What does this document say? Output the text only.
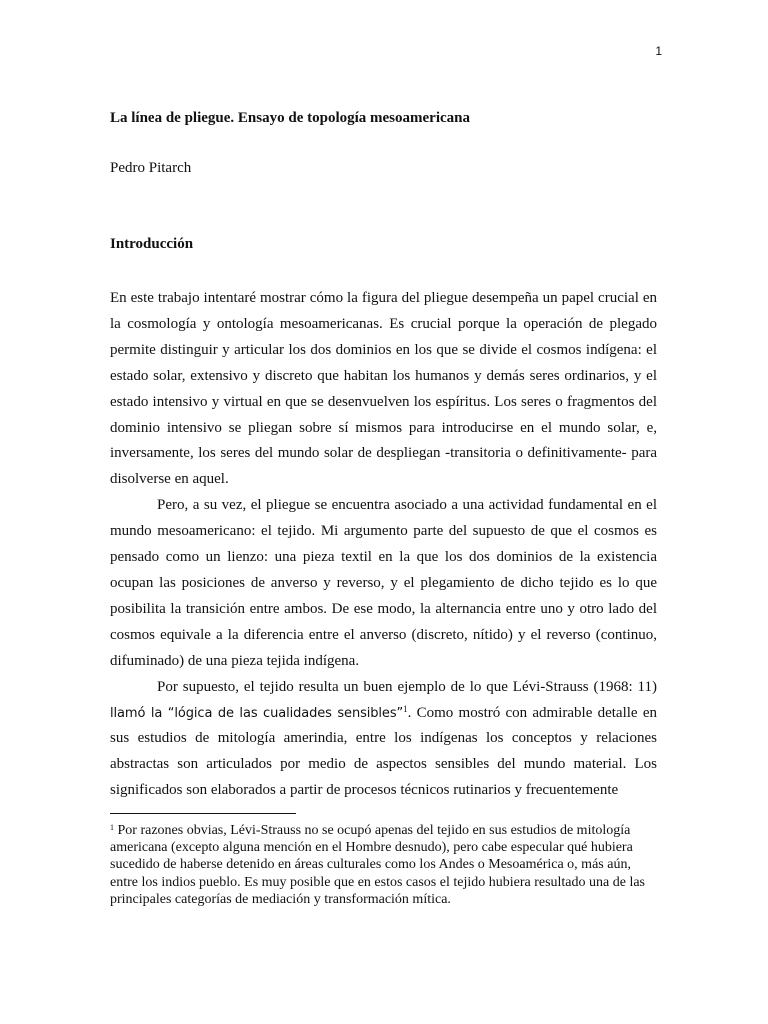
1
La línea de pliegue. Ensayo de topología mesoamericana
Pedro Pitarch
Introducción

En este trabajo intentaré mostrar cómo la figura del pliegue desempeña un papel crucial en la cosmología y ontología mesoamericanas. Es crucial porque la operación de plegado permite distinguir y articular los dos dominios en los que se divide el cosmos indígena: el estado solar, extensivo y discreto que habitan los humanos y demás seres ordinarios, y el estado intensivo y virtual en que se desenvuelven los espíritus. Los seres o fragmentos del dominio intensivo se pliegan sobre sí mismos para introducirse en el mundo solar, e, inversamente, los seres del mundo solar de despliegan -transitoria o definitivamente- para disolverse en aquel.

Pero, a su vez, el pliegue se encuentra asociado a una actividad fundamental en el mundo mesoamericano: el tejido. Mi argumento parte del supuesto de que el cosmos es pensado como un lienzo: una pieza textil en la que los dos dominios de la existencia ocupan las posiciones de anverso y reverso, y el plegamiento de dicho tejido es lo que posibilita la transición entre ambos. De ese modo, la alternancia entre uno y otro lado del cosmos equivale a la diferencia entre el anverso (discreto, nítido) y el reverso (continuo, difuminado) de una pieza tejida indígena.

Por supuesto, el tejido resulta un buen ejemplo de lo que Lévi-Strauss (1968: 11) llamó la “lógica de las cualidades sensibles”$^1$. Como mostró con admirable detalle en sus estudios de mitología amerindia, entre los indígenas los conceptos y relaciones abstractas son articulados por medio de aspectos sensibles del mundo material. Los significados son elaborados a partir de procesos técnicos rutinarios y frecuentemente

$^1$ Por razones obvias, Lévi-Strauss no se ocupó apenas del tejido en sus estudios de mitología americana (excepto alguna mención en el Hombre desnudo), pero cabe especular qué hubiera sucedido de haberse detenido en áreas culturales como los Andes o Mesoamérica o, más aún, entre los indios pueblo. Es muy posible que en estos casos el tejido hubiera resultado una de las principales categorías de mediación y transformación mítica.
